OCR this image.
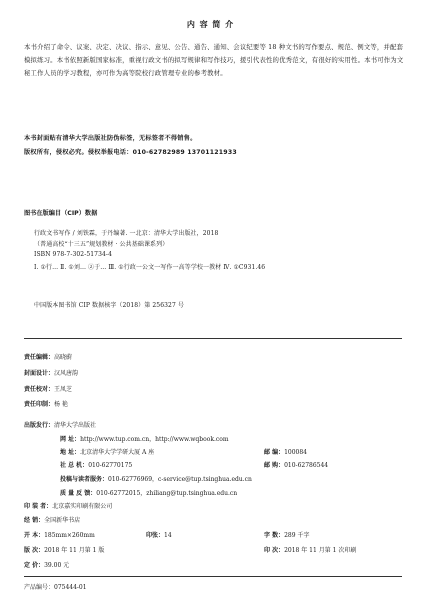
内 容 简 介
本书介绍了命令、议案、决定、决议、指示、意见、公告、通告、通知、会议纪要等 18 种文书的写作要点、规范、例文等，并配套模拟练习。本书依照新版国家标准，重视行政文书的拟写规律和写作技巧，援引代表性的优秀范文，有很好的实用性。本书可作为文秘工作人员的学习教程，亦可作为高等院校行政管理专业的参考教材。
本书封面贴有清华大学出版社防伪标签，无标签者不得销售。
版权所有，侵权必究。侵权举报电话：010-62782989 13701121933
图书在版编目（CIP）数据
行政文书写作 / 刘铁霖，于丹编著. 一北京：清华大学出版社，2018
（普通高校“十三五”规划教材 · 公共基础课系列）
ISBN 978-7-302-51734-4
Ⅰ. ①行… Ⅱ. ①刘… ②于… Ⅲ. ①行政一公文一写作一高等学校一教材 Ⅳ. ①C931.46
中国版本图书馆 CIP 数据核字（2018）第 256327 号
责任编辑：高晓蔚
封面设计：汉风唐韵
责任校对：王凤芝
责任印制：杨 艳
出版发行：清华大学出版社
网 址：http://www.tup.com.cn，http://www.wqbook.com
地 址：北京清华大学学研大厦 A 座	邮 编：100084
社 总 机：010-62770175	邮 购：010-62786544
投稿与读者服务：010-62776969，c-service@tup.tsinghua.edu.cn
质 量 反 馈：010-62772015，zhiliang@tup.tsinghua.edu.cn
印 装 者：北京嘉实印刷有限公司
经 销：全国新华书店
开 本：185mm×260mm	印张：14	字 数：289 千字
版 次：2018 年 11 月第 1 版	印 次：2018 年 11 月第 1 次印刷
定 价：39.00 元
产品编号：075444-01
